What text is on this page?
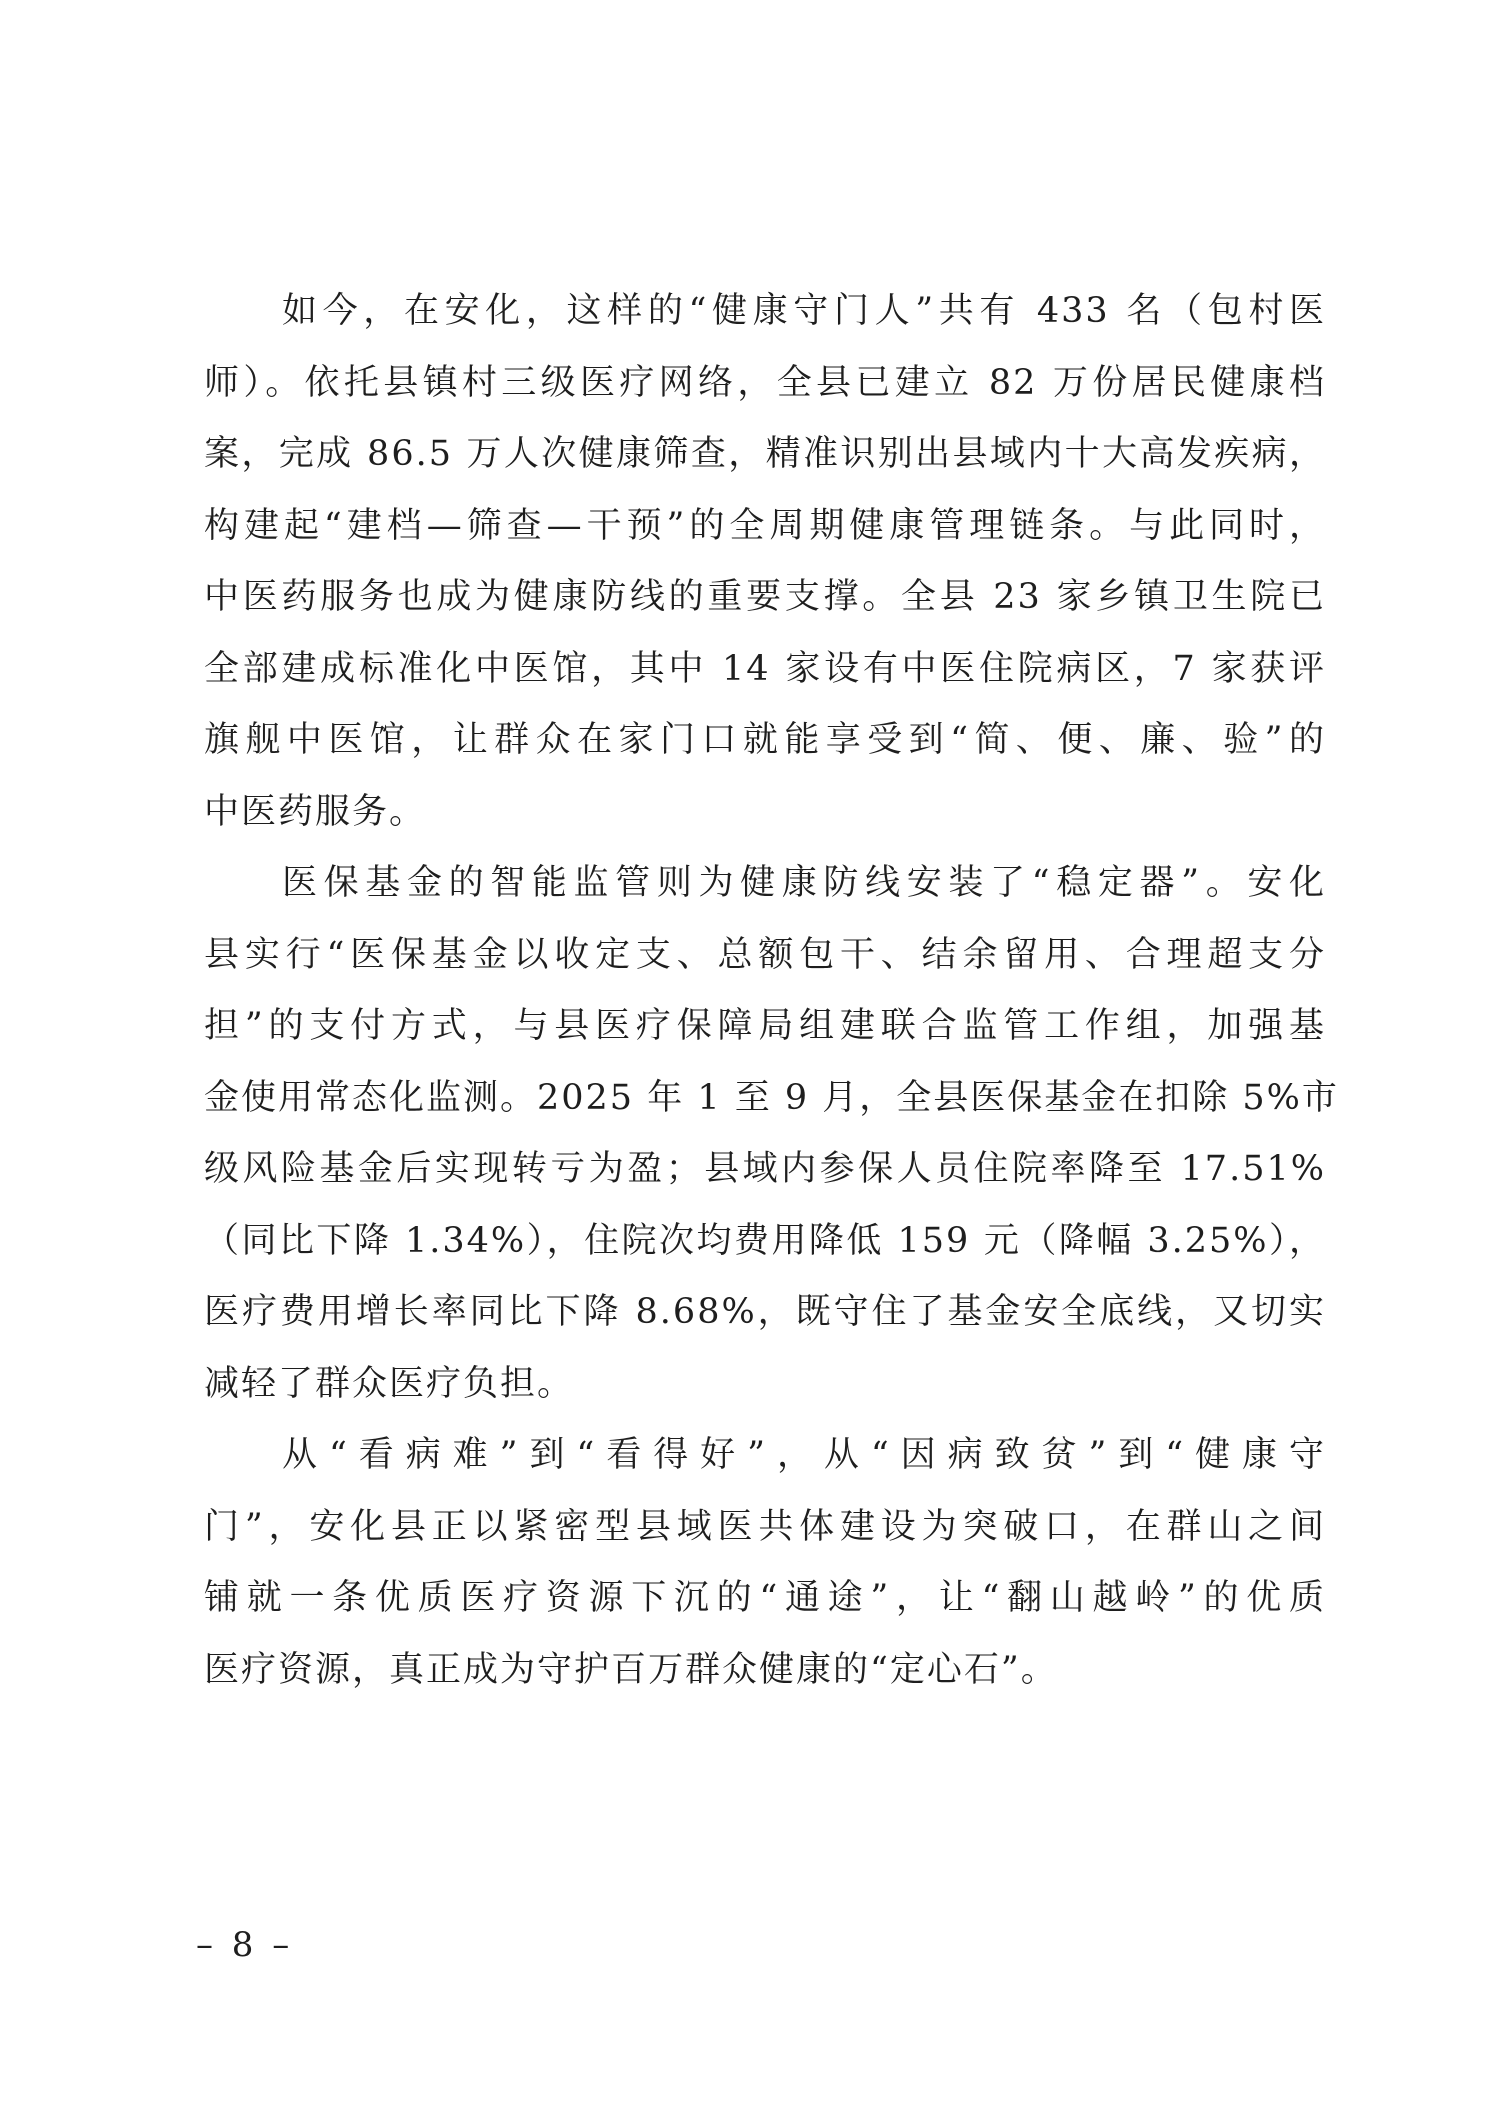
如今，在安化，这样的“健康守门人”共有 433 名（包村医
师）。依托县镇村三级医疗网络，全县已建立 82 万份居民健康档
案，完成 86.5 万人次健康筛查，精准识别出县域内十大高发疾病，
构建起“建档—筛查—干预”的全周期健康管理链条。与此同时，
中医药服务也成为健康防线的重要支撑。全县 23 家乡镇卫生院已
全部建成标准化中医馆，其中 14 家设有中医住院病区，7 家获评
旗舰中医馆，让群众在家门口就能享受到“简、便、廉、验”的
中医药服务。
医保基金的智能监管则为健康防线安装了“稳定器”。安化
县实行“医保基金以收定支、总额包干、结余留用、合理超支分
担”的支付方式，与县医疗保障局组建联合监管工作组，加强基
金使用常态化监测。2025 年 1 至 9 月，全县医保基金在扣除 5%市
级风险基金后实现转亏为盈；县域内参保人员住院率降至 17.51%
（同比下降 1.34%），住院次均费用降低 159 元（降幅 3.25%），
医疗费用增长率同比下降 8.68%，既守住了基金安全底线，又切实
减轻了群众医疗负担。
从“看病难”到“看得好”，从“因病致贫”到“健康守
门”，安化县正以紧密型县域医共体建设为突破口，在群山之间
铺就一条优质医疗资源下沉的“通途”，让“翻山越岭”的优质
医疗资源，真正成为守护百万群众健康的“定心石”。
– 8 –
